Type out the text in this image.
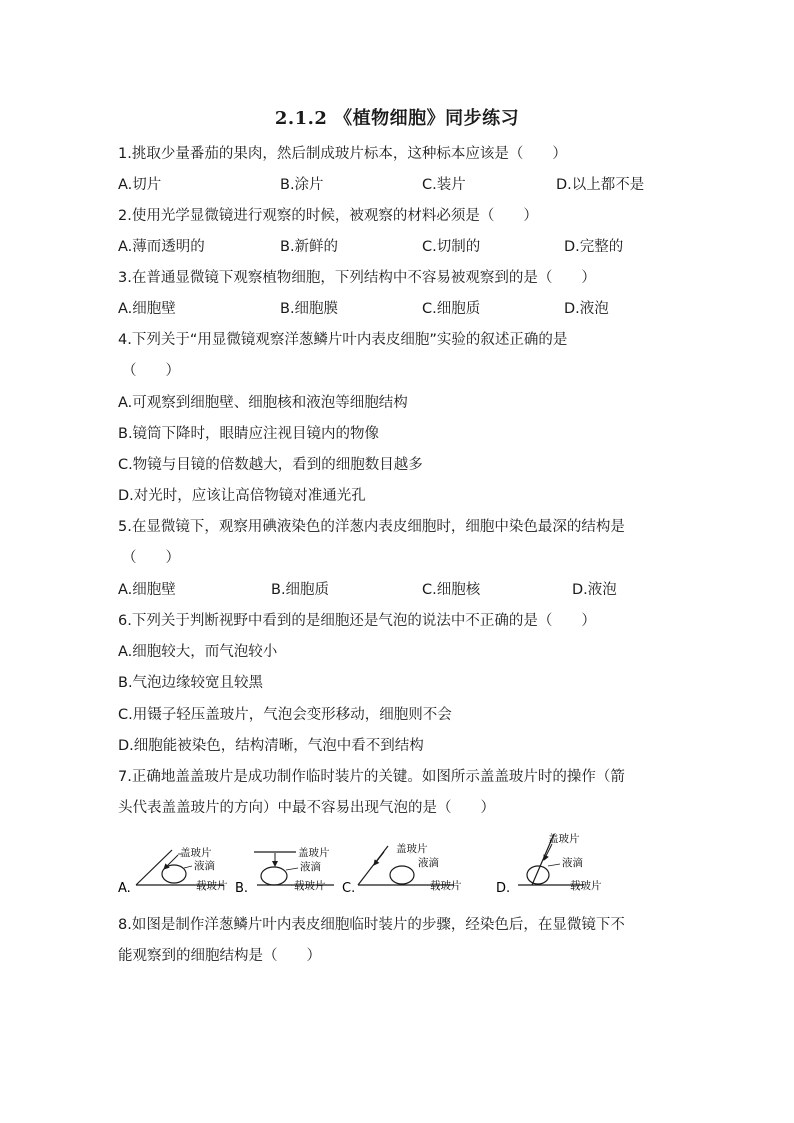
2.1.2 《植物细胞》同步练习
1.挑取少量番茄的果肉，然后制成玻片标本，这种标本应该是（　　）
A.切片	B.涂片	C.装片	D.以上都不是
2.使用光学显微镜进行观察的时候，被观察的材料必须是（　　）
A.薄而透明的	B.新鲜的	C.切制的	D.完整的
3.在普通显微镜下观察植物细胞，下列结构中不容易被观察到的是（　　）
A.细胞壁	B.细胞膜	C.细胞质	D.液泡
4.下列关于“用显微镜观察洋葱鳞片叶内表皮细胞”实验的叙述正确的是
（　　）
A.可观察到细胞壁、细胞核和液泡等细胞结构
B.镜筒下降时，眼睛应注视目镜内的物像
C.物镜与目镜的倍数越大，看到的细胞数目越多
D.对光时，应该让高倍物镜对准通光孔
5.在显微镜下，观察用碘液染色的洋葱内表皮细胞时，细胞中染色最深的结构是
（　　）
A.细胞壁	B.细胞质	C.细胞核	D.液泡
6.下列关于判断视野中看到的是细胞还是气泡的说法中不正确的是（　　）
A.细胞较大，而气泡较小
B.气泡边缘较宽且较黑
C.用镊子轻压盖玻片，气泡会变形移动，细胞则不会
D.细胞能被染色，结构清晰，气泡中看不到结构
7.正确地盖盖玻片是成功制作临时装片的关键。如图所示盖盖玻片时的操作（箭
头代表盖盖玻片的方向）中最不容易出现气泡的是（　　）
A.
盖玻片
液滴
载玻片 B.
盖玻片
液滴
载玻片 C.
盖玻片
液滴
载玻片	D.
盖玻片
液滴
载玻片
8.如图是制作洋葱鳞片叶内表皮细胞临时装片的步骤，经染色后，在显微镜下不
能观察到的细胞结构是（　　）
